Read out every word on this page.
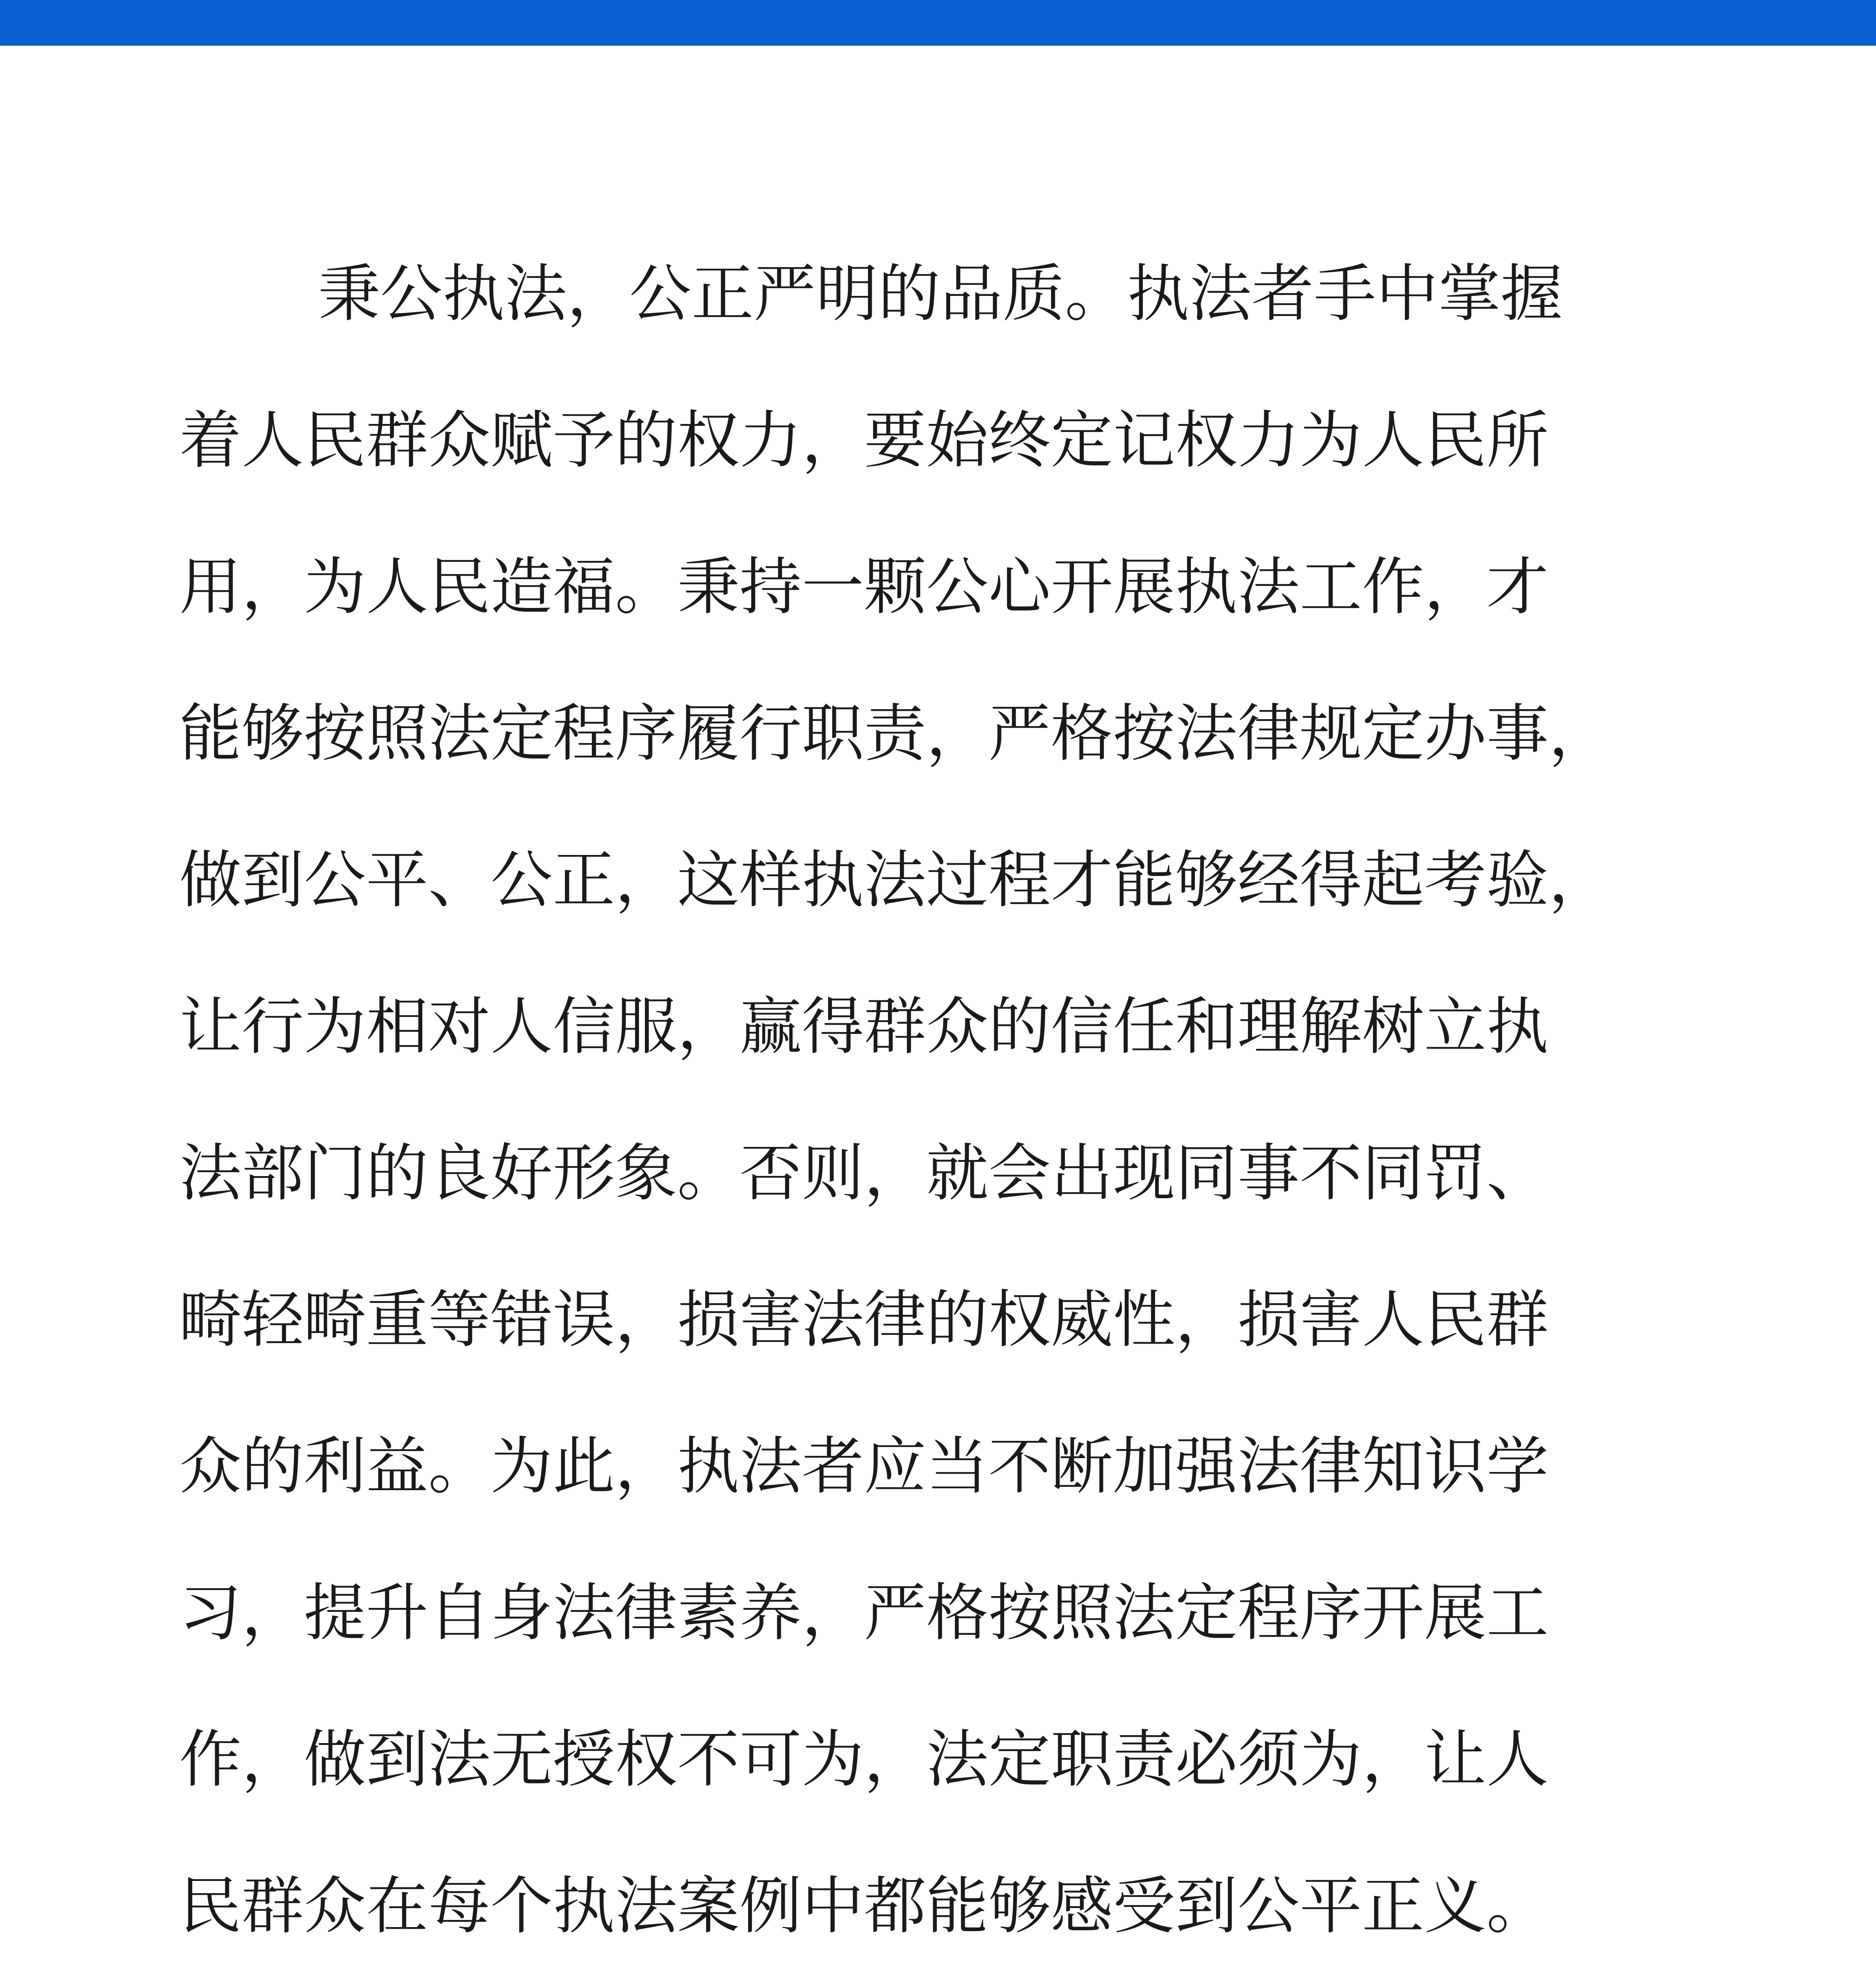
秉公执法，公正严明的品质。执法者手中掌握
着人民群众赋予的权力，要始终定记权力为人民所
用，为人民造福。秉持一颗公心开展执法工作，才
能够按照法定程序履行职责，严格按法律规定办事，
做到公平、公正，这样执法过程才能够经得起考验，
让行为相对人信服，赢得群众的信任和理解树立执
法部门的良好形象。否则，就会出现同事不同罚、
畸轻畸重等错误，损害法律的权威性，损害人民群
众的利益。为此，执法者应当不断加强法律知识学
习，提升自身法律素养，严格按照法定程序开展工
作，做到法无授权不可为，法定职责必须为，让人
民群众在每个执法案例中都能够感受到公平正义。
